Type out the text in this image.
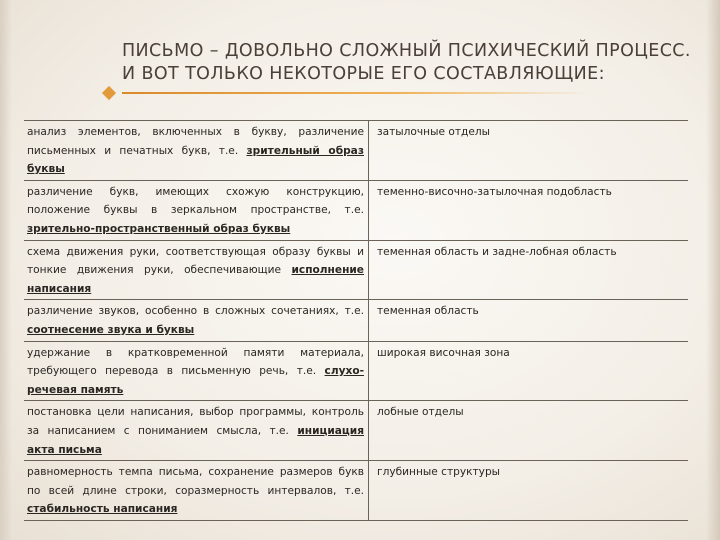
ПИСЬМО – ДОВОЛЬНО СЛОЖНЫЙ ПСИХИЧЕСКИЙ ПРОЦЕСС.
И ВОТ ТОЛЬКО НЕКОТОРЫЕ ЕГО СОСТАВЛЯЮЩИЕ:
анализ элементов, включенных в букву, различение письменных и печатных букв, т.е. зрительный образ буквы	затылочные отделы
различение букв, имеющих схожую конструкцию, положение буквы в зеркальном пространстве, т.е. зрительно-пространственный образ буквы	теменно-височно-затылочная подобласть
схема движения руки, соответствующая образу буквы и тонкие движения руки, обеспечивающие исполнение написания	теменная область и задне-лобная область
различение звуков, особенно в сложных сочетаниях, т.е. соотнесение звука и буквы	теменная область
удержание в кратковременной памяти материала, требующего перевода в письменную речь, т.е. слухо-речевая память	широкая височная зона
постановка цели написания, выбор программы, контроль за написанием с пониманием смысла, т.е. инициация акта письма	лобные отделы
равномерность темпа письма, сохранение размеров букв по всей длине строки, соразмерность интервалов, т.е. стабильность написания	глубинные структуры
